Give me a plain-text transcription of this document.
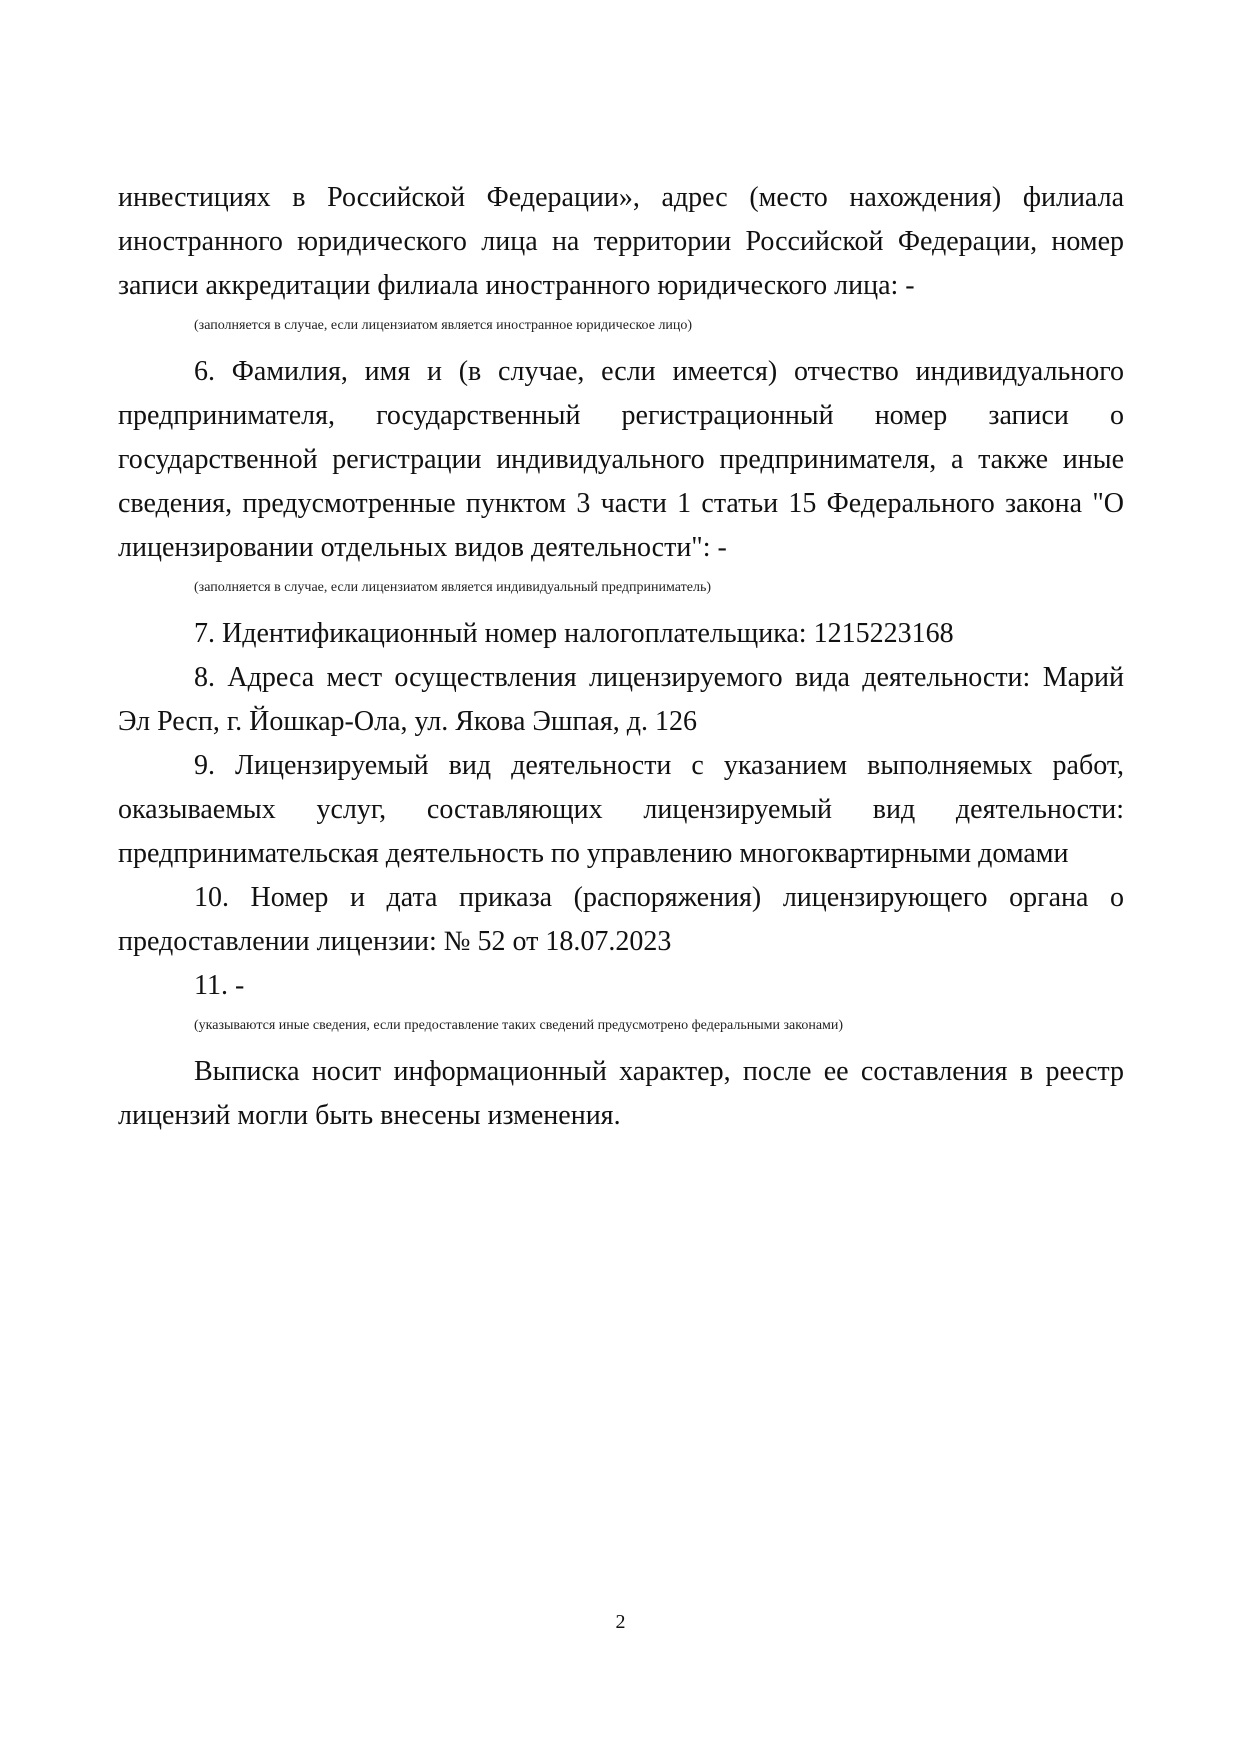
инвестициях в Российской Федерации», адрес (место нахождения) филиала

иностранного юридического лица на территории Российской Федерации, номер записи аккредитации филиала иностранного юридического лица: -

(заполняется в случае, если лицензиатом является иностранное юридическое лицо)

6. Фамилия, имя и (в случае, если имеется) отчество индивидуального предпринимателя, государственный регистрационный номер записи о государственной регистрации индивидуального предпринимателя, а также иные сведения, предусмотренные пунктом 3 части 1 статьи 15 Федерального закона "О лицензировании отдельных видов деятельности": -

(заполняется в случае, если лицензиатом является индивидуальный предприниматель)

7. Идентификационный номер налогоплательщика: 1215223168

8. Адреса мест осуществления лицензируемого вида деятельности: Марий Эл Респ, г. Йошкар-Ола, ул. Якова Эшпая, д. 126

9. Лицензируемый вид деятельности с указанием выполняемых работ, оказываемых услуг, составляющих лицензируемый вид деятельности: предпринимательская деятельность по управлению многоквартирными домами

10. Номер и дата приказа (распоряжения) лицензирующего органа о предоставлении лицензии: № 52 от 18.07.2023

11. -

(указываются иные сведения, если предоставление таких сведений предусмотрено федеральными законами)

Выписка носит информационный характер, после ее составления в реестр лицензий могли быть внесены изменения.

2
